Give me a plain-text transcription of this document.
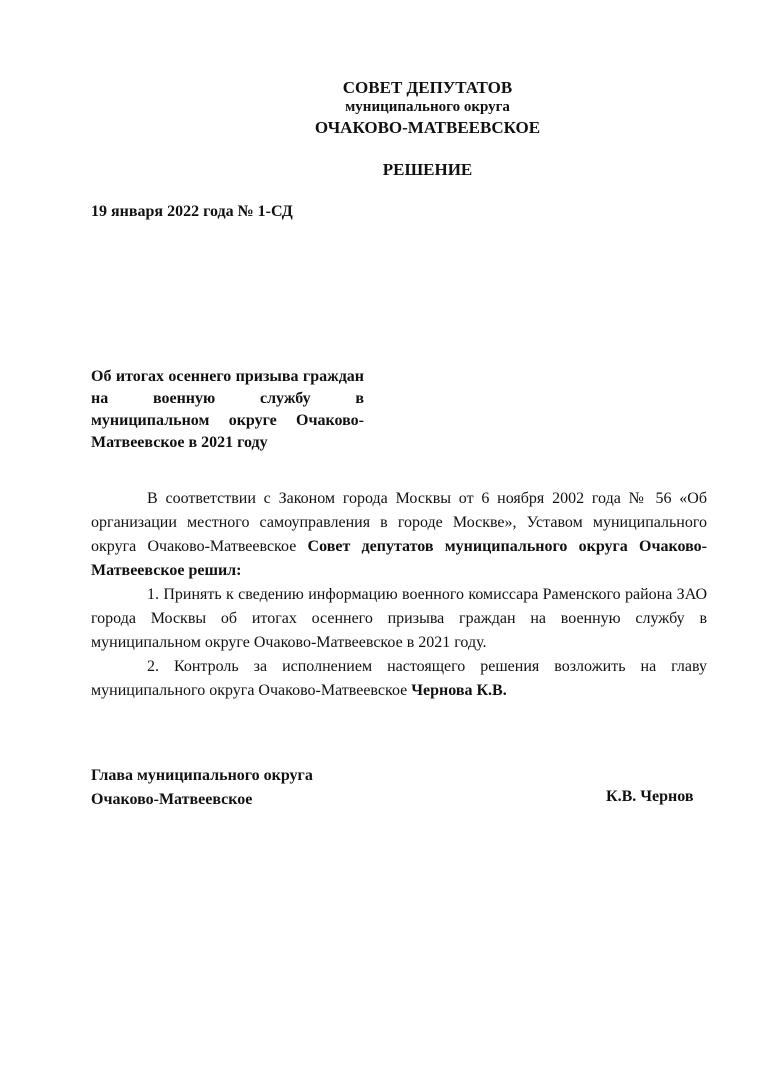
СОВЕТ ДЕПУТАТОВ
муниципального округа
ОЧАКОВО-МАТВЕЕВСКОЕ
РЕШЕНИЕ
19 января 2022 года № 1-СД
Об итогах осеннего призыва граждан на военную службу в муниципальном округе Очаково-Матвеевское в 2021 году

В соответствии с Законом города Москвы от 6 ноября 2002 года № 56 «Об организации местного самоуправления в городе Москве», Уставом муниципального округа Очаково-Матвеевское Совет депутатов муниципального округа Очаково-Матвеевское решил:

1. Принять к сведению информацию военного комиссара Раменского района ЗАО города Москвы об итогах осеннего призыва граждан на военную службу в муниципальном округе Очаково-Матвеевское в 2021 году.

2. Контроль за исполнением настоящего решения возложить на главу муниципального округа Очаково-Матвеевское Чернова К.В.

Глава муниципального округа
Очаково-Матвеевское	К.В. Чернов
